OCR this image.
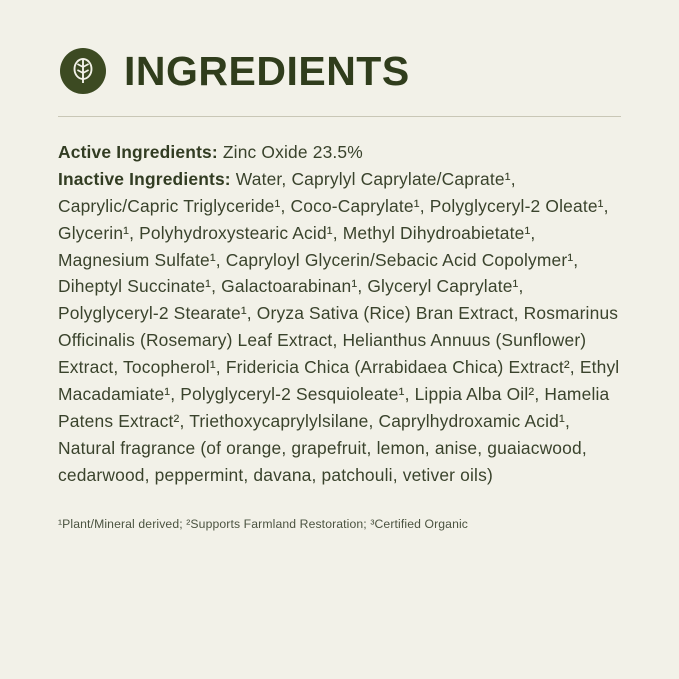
INGREDIENTS

Active Ingredients: Zinc Oxide 23.5%

Inactive Ingredients: Water, Caprylyl Caprylate/Caprate¹, Caprylic/Capric Triglyceride¹, Coco-Caprylate¹, Polyglyceryl-2 Oleate¹, Glycerin¹, Polyhydroxystearic Acid¹, Methyl Dihydroabietate¹, Magnesium Sulfate¹, Capryloyl Glycerin/Sebacic Acid Copolymer¹, Diheptyl Succinate¹, Galactoarabinan¹, Glyceryl Caprylate¹, Polyglyceryl-2 Stearate¹, Oryza Sativa (Rice) Bran Extract, Rosmarinus Officinalis (Rosemary) Leaf Extract, Helianthus Annuus (Sunflower) Extract, Tocopherol¹, Fridericia Chica (Arrabidaea Chica) Extract², Ethyl Macadamiate¹, Polyglyceryl-2 Sesquioleate¹, Lippia Alba Oil², Hamelia Patens Extract², Triethoxycaprylylsilane, Caprylhydroxamic Acid¹, Natural fragrance (of orange, grapefruit, lemon, anise, guaiacwood, cedarwood, peppermint, davana, patchouli, vetiver oils)

¹Plant/Mineral derived; ²Supports Farmland Restoration; ³Certified Organic
